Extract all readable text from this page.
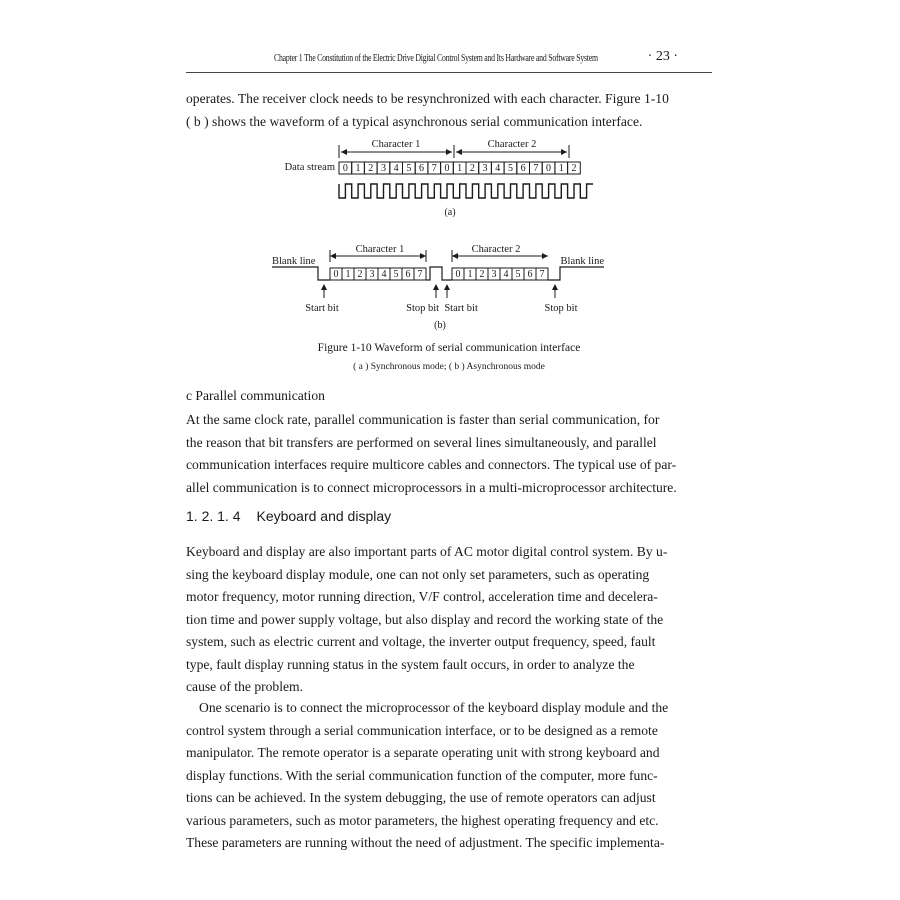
Chapter 1 The Constitution of the Electric Drive Digital Control System and Its Hardware and Software System	· 23 ·

operates. The receiver clock needs to be resynchronized with each character. Figure 1-10
( b ) shows the waveform of a typical asynchronous serial communication interface.

Character 1	Character 2
Data stream 0 1 2 3 4 5 6 7 0 1 2 3 4 5 6 7 0 1 2
(a)
Blank line	Blank line
Character 1	Character 2
0 1 2 3 4 5 6 7	0 1 2 3 4 5 6 7
Start bit	Stop bit  Start bit	Stop bit
(b)

Figure 1-10 Waveform of serial communication interface

( a ) Synchronous mode; ( b ) Asynchronous mode

c Parallel communication

At the same clock rate, parallel communication is faster than serial communication, for
the reason that bit transfers are performed on several lines simultaneously, and parallel
communication interfaces require multicore cables and connectors. The typical use of par-
allel communication is to connect microprocessors in a multi-microprocessor architecture.

1. 2. 1. 4 Keyboard and display

Keyboard and display are also important parts of AC motor digital control system. By u-
sing the keyboard display module, one can not only set parameters, such as operating
motor frequency, motor running direction, V/F control, acceleration time and decelera-
tion time and power supply voltage, but also display and record the working state of the
system, such as electric current and voltage, the inverter output frequency, speed, fault
type, fault display running status in the system fault occurs, in order to analyze the
cause of the problem.

One scenario is to connect the microprocessor of the keyboard display module and the
control system through a serial communication interface, or to be designed as a remote
manipulator. The remote operator is a separate operating unit with strong keyboard and
display functions. With the serial communication function of the computer, more func-
tions can be achieved. In the system debugging, the use of remote operators can adjust
various parameters, such as motor parameters, the highest operating frequency and etc.
These parameters are running without the need of adjustment. The specific implementa-
